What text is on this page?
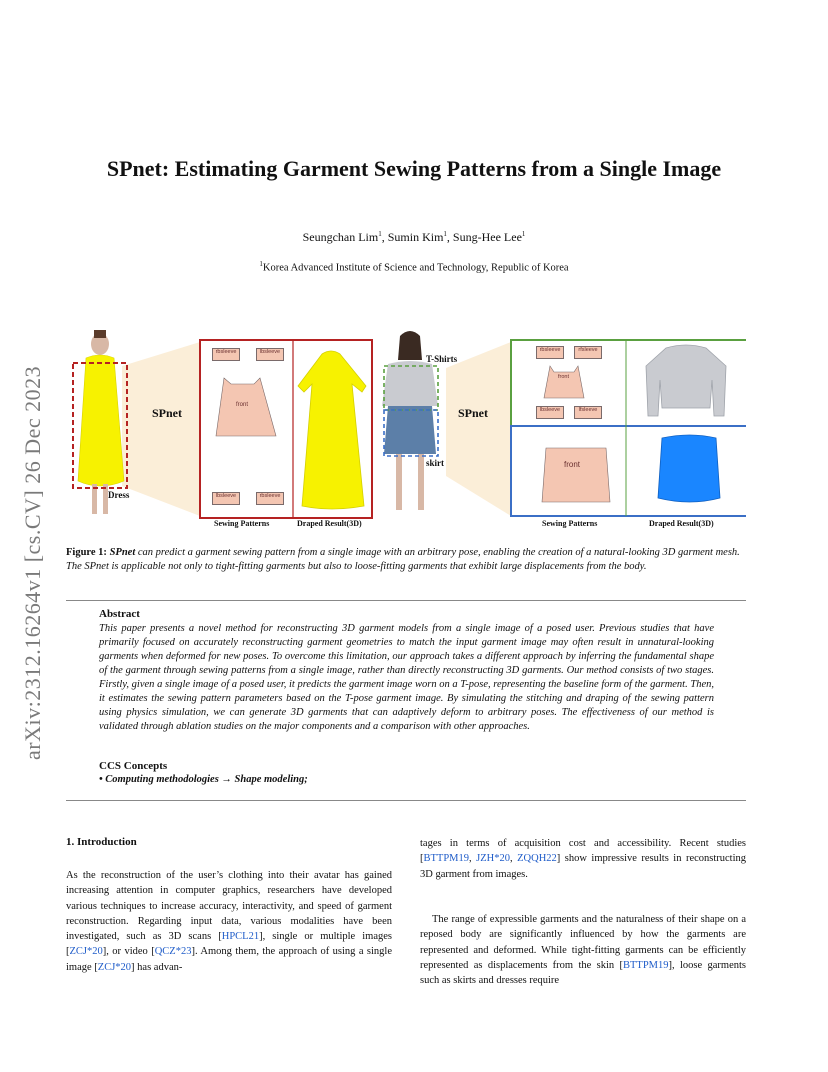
arXiv:2312.16264v1 [cs.CV] 26 Dec 2023
SPnet: Estimating Garment Sewing Patterns from a Single Image
Seungchan Lim$^1$, Sumin Kim$^1$, Sung-Hee Lee$^1$
$^1$Korea Advanced Institute of Science and Technology, Republic of Korea
rbsleeve	lbsleeve
front
lbsleeve	rbsleeve
rbsleeve	rfsleeve
front
lbsleeve	lfsleeve
front
SPnet	SPnet
Dress
T-Shirts
skirt
Sewing Patterns	Draped Result(3D)	Sewing Patterns	Draped Result(3D)
Figure 1: SPnet can predict a garment sewing pattern from a single image with an arbitrary pose, enabling the creation of a natural-looking 3D garment mesh. The SPnet is applicable not only to tight-fitting garments but also to loose-fitting garments that exhibit large displacements from the body.
Abstract
This paper presents a novel method for reconstructing 3D garment models from a single image of a posed user. Previous studies that have primarily focused on accurately reconstructing garment geometries to match the input garment image may often result in unnatural-looking garments when deformed for new poses. To overcome this limitation, our approach takes a different approach by inferring the fundamental shape of the garment through sewing patterns from a single image, rather than directly reconstructing 3D garments. Our method consists of two stages. Firstly, given a single image of a posed user, it predicts the garment image worn on a T-pose, representing the baseline form of the garment. Then, it estimates the sewing pattern parameters based on the T-pose garment image. By simulating the stitching and draping of the sewing pattern using physics simulation, we can generate 3D garments that can adaptively deform to arbitrary poses. The effectiveness of our method is validated through ablation studies on the major components and a comparison with other approaches.
CCS Concepts
• Computing methodologies → Shape modeling;
1. Introduction

As the reconstruction of the user’s clothing into their avatar has gained increasing attention in computer graphics, researchers have developed various techniques to increase accuracy, interactivity, and speed of garment reconstruction. Regarding input data, various modalities have been investigated, such as 3D scans [HPCL21], single or multiple images [ZCJ*20], or video [QCZ*23]. Among them, the approach of using a single image [ZCJ*20] has advan-

tages in terms of acquisition cost and accessibility. Recent studies [BTTPM19, JZH*20, ZQQH22] show impressive results in reconstructing 3D garment from images.

The range of expressible garments and the naturalness of their shape on a reposed body are significantly influenced by how the garments are represented and deformed. While tight-fitting garments can be efficiently represented as displacements from the skin [BTTPM19], loose garments such as skirts and dresses require
